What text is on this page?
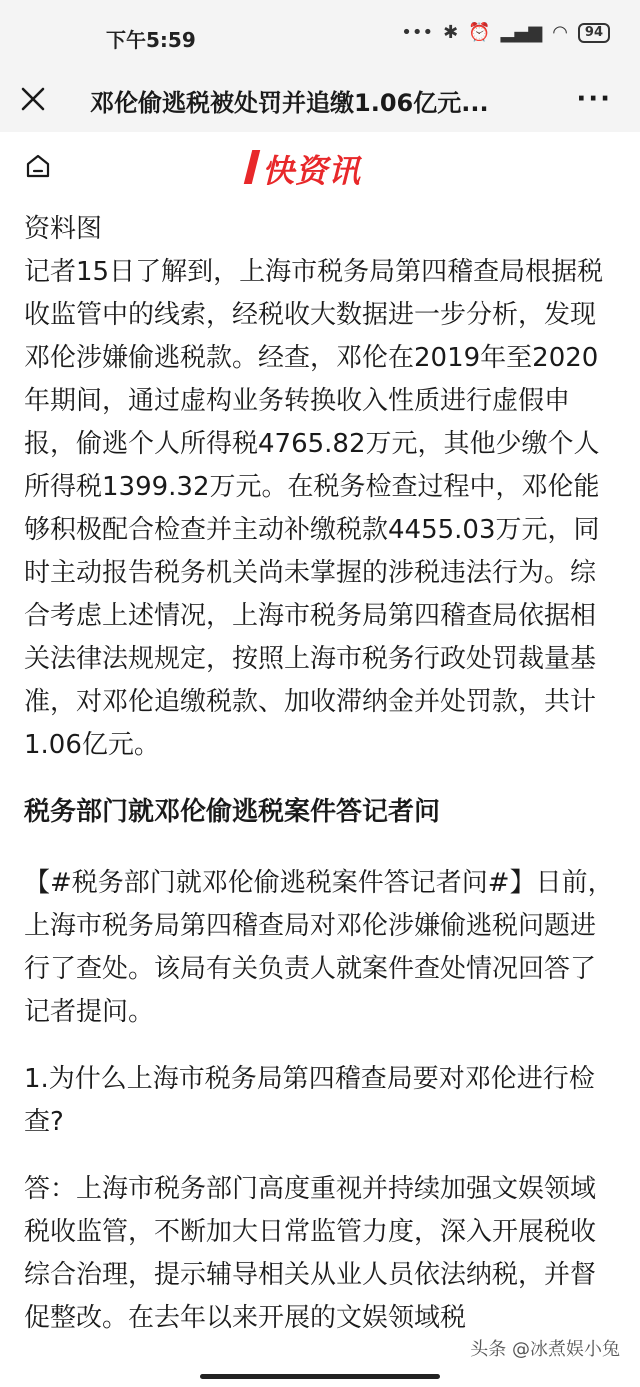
下午5:59	••• ✱ ⏰ ▂▄▆ ◠	94
邓伦偷逃税被处罚并追缴1.06亿元...	···
快资讯

资料图

记者15日了解到，上海市税务局第四稽查局根据税收监管中的线索，经税收大数据进一步分析，发现邓伦涉嫌偷逃税款。经查，邓伦在2019年至2020年期间，通过虚构业务转换收入性质进行虚假申报，偷逃个人所得税4765.82万元，其他少缴个人所得税1399.32万元。在税务检查过程中，邓伦能够积极配合检查并主动补缴税款4455.03万元，同时主动报告税务机关尚未掌握的涉税违法行为。综合考虑上述情况，上海市税务局第四稽查局依据相关法律法规规定，按照上海市税务行政处罚裁量基准，对邓伦追缴税款、加收滞纳金并处罚款，共计1.06亿元。

税务部门就邓伦偷逃税案件答记者问

【#税务部门就邓伦偷逃税案件答记者问#】日前，上海市税务局第四稽查局对邓伦涉嫌偷逃税问题进行了查处。该局有关负责人就案件查处情况回答了记者提问。

1.为什么上海市税务局第四稽查局要对邓伦进行检查?

答：上海市税务部门高度重视并持续加强文娱领域税收监管，不断加大日常监管力度，深入开展税收综合治理，提示辅导相关从业人员依法纳税，并督促整改。在去年以来开展的文娱领域税

头条 @冰煮娱小兔
